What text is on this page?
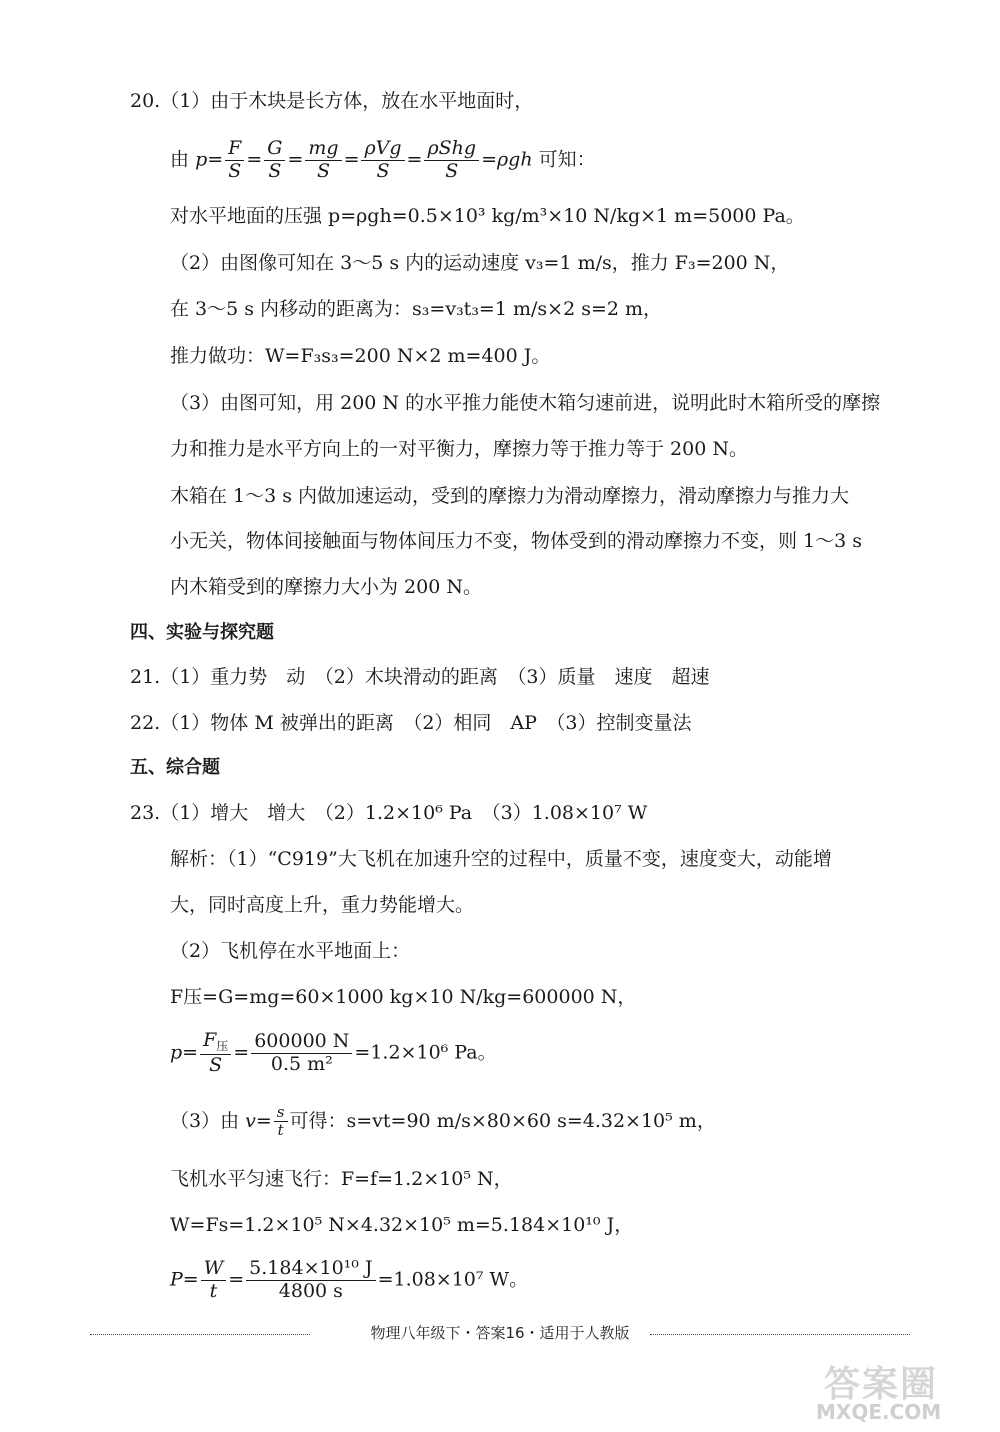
20.（1）由于木块是长方体，放在水平地面时，
由 $p= \frac{F}{S} = \frac{G}{S} = \frac{mg}{S} = \frac{\text{ρVg}}{S} = \frac{\text{ρShg}}{S} =\rho gh$ 可知：
对水平地面的压强 p=ρgh=0.5×10³ kg/m³×10 N/kg×1 m=5000 Pa。
（2）由图像可知在 3～5 s 内的运动速度 v₃=1 m/s，推力 F₃=200 N，
在 3～5 s 内移动的距离为：s₃=v₃t₃=1 m/s×2 s=2 m，
推力做功：W=F₃s₃=200 N×2 m=400 J。
（3）由图可知，用 200 N 的水平推力能使木箱匀速前进，说明此时木箱所受的摩擦
力和推力是水平方向上的一对平衡力，摩擦力等于推力等于 200 N。
木箱在 1～3 s 内做加速运动，受到的摩擦力为滑动摩擦力，滑动摩擦力与推力大
小无关，物体间接触面与物体间压力不变，物体受到的滑动摩擦力不变，则 1～3 s
内木箱受到的摩擦力大小为 200 N。
四、实验与探究题
21.（1）重力势　动　（2）木块滑动的距离　（3）质量　速度　超速
22.（1）物体 M 被弹出的距离　（2）相同　AP　（3）控制变量法
五、综合题
23.（1）增大　增大　（2）1.2×10⁶ Pa　（3）1.08×10⁷ W
解析：（1）“C919”大飞机在加速升空的过程中，质量不变，速度变大，动能增
大，同时高度上升，重力势能增大。
（2）飞机停在水平地面上：
F压=G=mg=60×1000 kg×10 N/kg=600000 N，
$p= \frac{F_压}{S} = \frac{600000 N}{\text{0.5 m²}} =1.2\times 10^6$ Pa。
（3）由 $v= \frac{s}{t}$ 可得：s=vt=90 m/s×80×60 s=4.32×10⁵ m，
飞机水平匀速飞行：F=f=1.2×10⁵ N，
W=Fs=1.2×10⁵ N×4.32×10⁵ m=5.184×10¹⁰ J，
$P= \frac{W}{t} = \frac{\text{5.184×10¹⁰ J}}{4800 s} =1.08\times 10^7$ W。
物理八年级下・答案16・适用于人教版
答案圈
MXQE.COM
